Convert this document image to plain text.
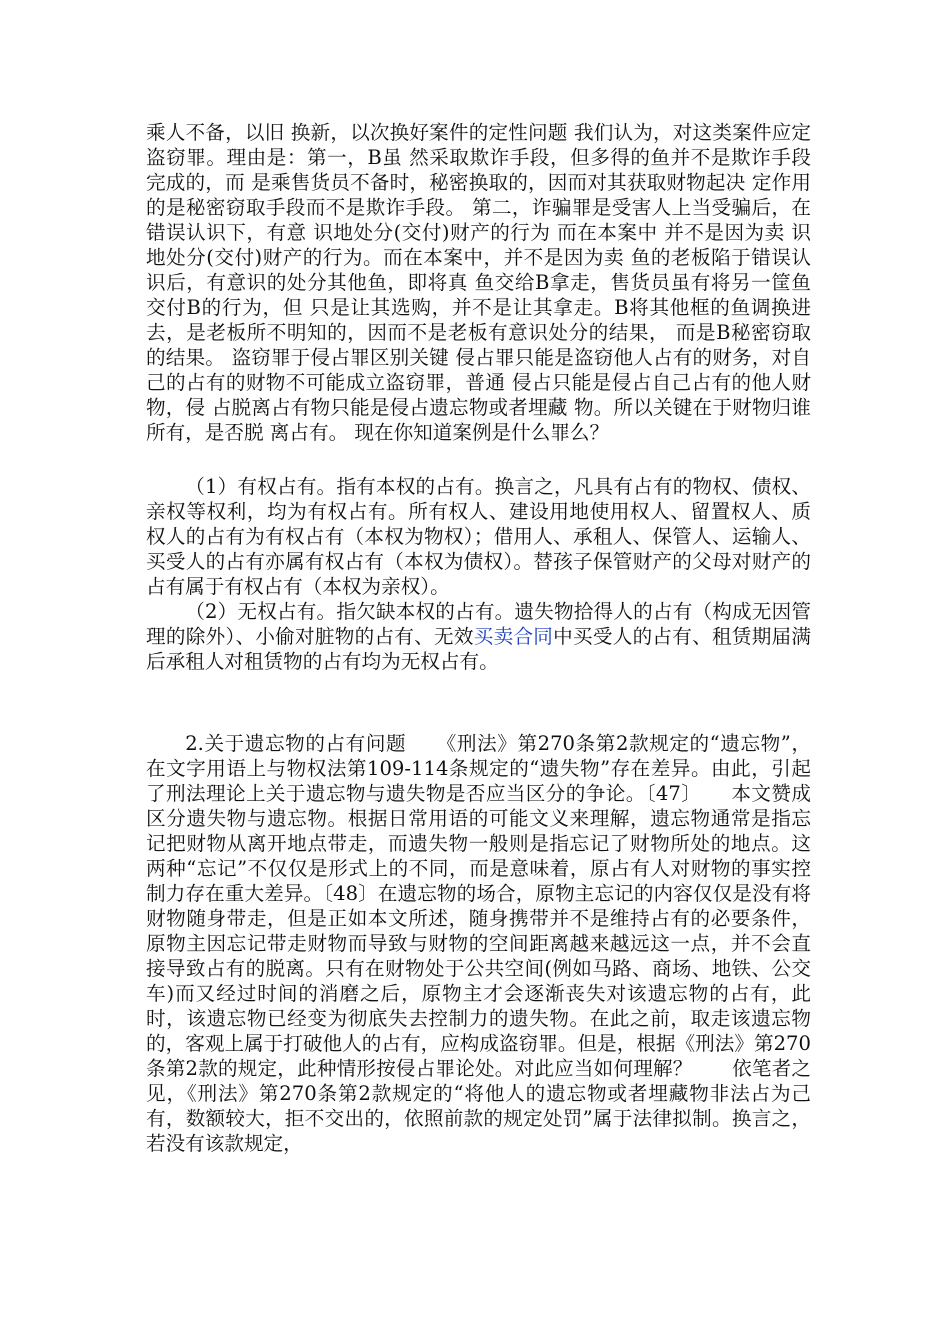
乘人不备，以旧 换新，以次换好案件的定性问题 我们认为，对这类案件应定盗窃罪。理由是：第一，B虽 然采取欺诈手段，但多得的鱼并不是欺诈手段完成的，而 是乘售货员不备时，秘密换取的，因而对其获取财物起决 定作用的是秘密窃取手段而不是欺诈手段。 第二，诈骗罪是受害人上当受骗后，在错误认识下，有意 识地处分(交付)财产的行为 而在本案中 并不是因为卖 识地处分(交付)财产的行为。而在本案中，并不是因为卖 鱼的老板陷于错误认识后，有意识的处分其他鱼，即将真 鱼交给B拿走，售货员虽有将另一筐鱼交付B的行为，但 只是让其选购，并不是让其拿走。B将其他框的鱼调换进 去，是老板所不明知的，因而不是老板有意识处分的结果， 而是B秘密窃取的结果。 盗窃罪于侵占罪区别关键 侵占罪只能是盗窃他人占有的财务，对自 己的占有的财物不可能成立盗窃罪，普通 侵占只能是侵占自己占有的他人财物，侵 占脱离占有物只能是侵占遗忘物或者埋藏 物。所以关键在于财物归谁所有，是否脱 离占有。 现在你知道案例是什么罪么？

（1）有权占有。指有本权的占有。换言之，凡具有占有的物权、债权、亲权等权利，均为有权占有。所有权人、建设用地使用权人、留置权人、质权人的占有为有权占有（本权为物权）；借用人、承租人、保管人、运输人、买受人的占有亦属有权占有（本权为债权）。替孩子保管财产的父母对财产的占有属于有权占有（本权为亲权）。

（2）无权占有。指欠缺本权的占有。遗失物拾得人的占有（构成无因管理的除外）、小偷对脏物的占有、无效买卖合同中买受人的占有、租赁期届满后承租人对租赁物的占有均为无权占有。

2.关于遗忘物的占有问题　　《刑法》第270条第2款规定的“遗忘物”，在文字用语上与物权法第109-114条规定的“遗失物”存在差异。由此，引起了刑法理论上关于遗忘物与遗失物是否应当区分的争论。〔47〕　　本文赞成区分遗失物与遗忘物。根据日常用语的可能文义来理解，遗忘物通常是指忘记把财物从离开地点带走，而遗失物一般则是指忘记了财物所处的地点。这两种“忘记”不仅仅是形式上的不同，而是意味着，原占有人对财物的事实控制力存在重大差异。〔48〕在遗忘物的场合，原物主忘记的内容仅仅是没有将财物随身带走，但是正如本文所述，随身携带并不是维持占有的必要条件，原物主因忘记带走财物而导致与财物的空间距离越来越远这一点，并不会直接导致占有的脱离。只有在财物处于公共空间(例如马路、商场、地铁、公交车)而又经过时间的消磨之后，原物主才会逐渐丧失对该遗忘物的占有，此时，该遗忘物已经变为彻底失去控制力的遗失物。在此之前，取走该遗忘物的，客观上属于打破他人的占有，应构成盗窃罪。但是，根据《刑法》第270条第2款的规定，此种情形按侵占罪论处。对此应当如何理解？　　依笔者之见，《刑法》第270条第2款规定的“将他人的遗忘物或者埋藏物非法占为己有，数额较大，拒不交出的，依照前款的规定处罚”属于法律拟制。换言之，若没有该款规定，
